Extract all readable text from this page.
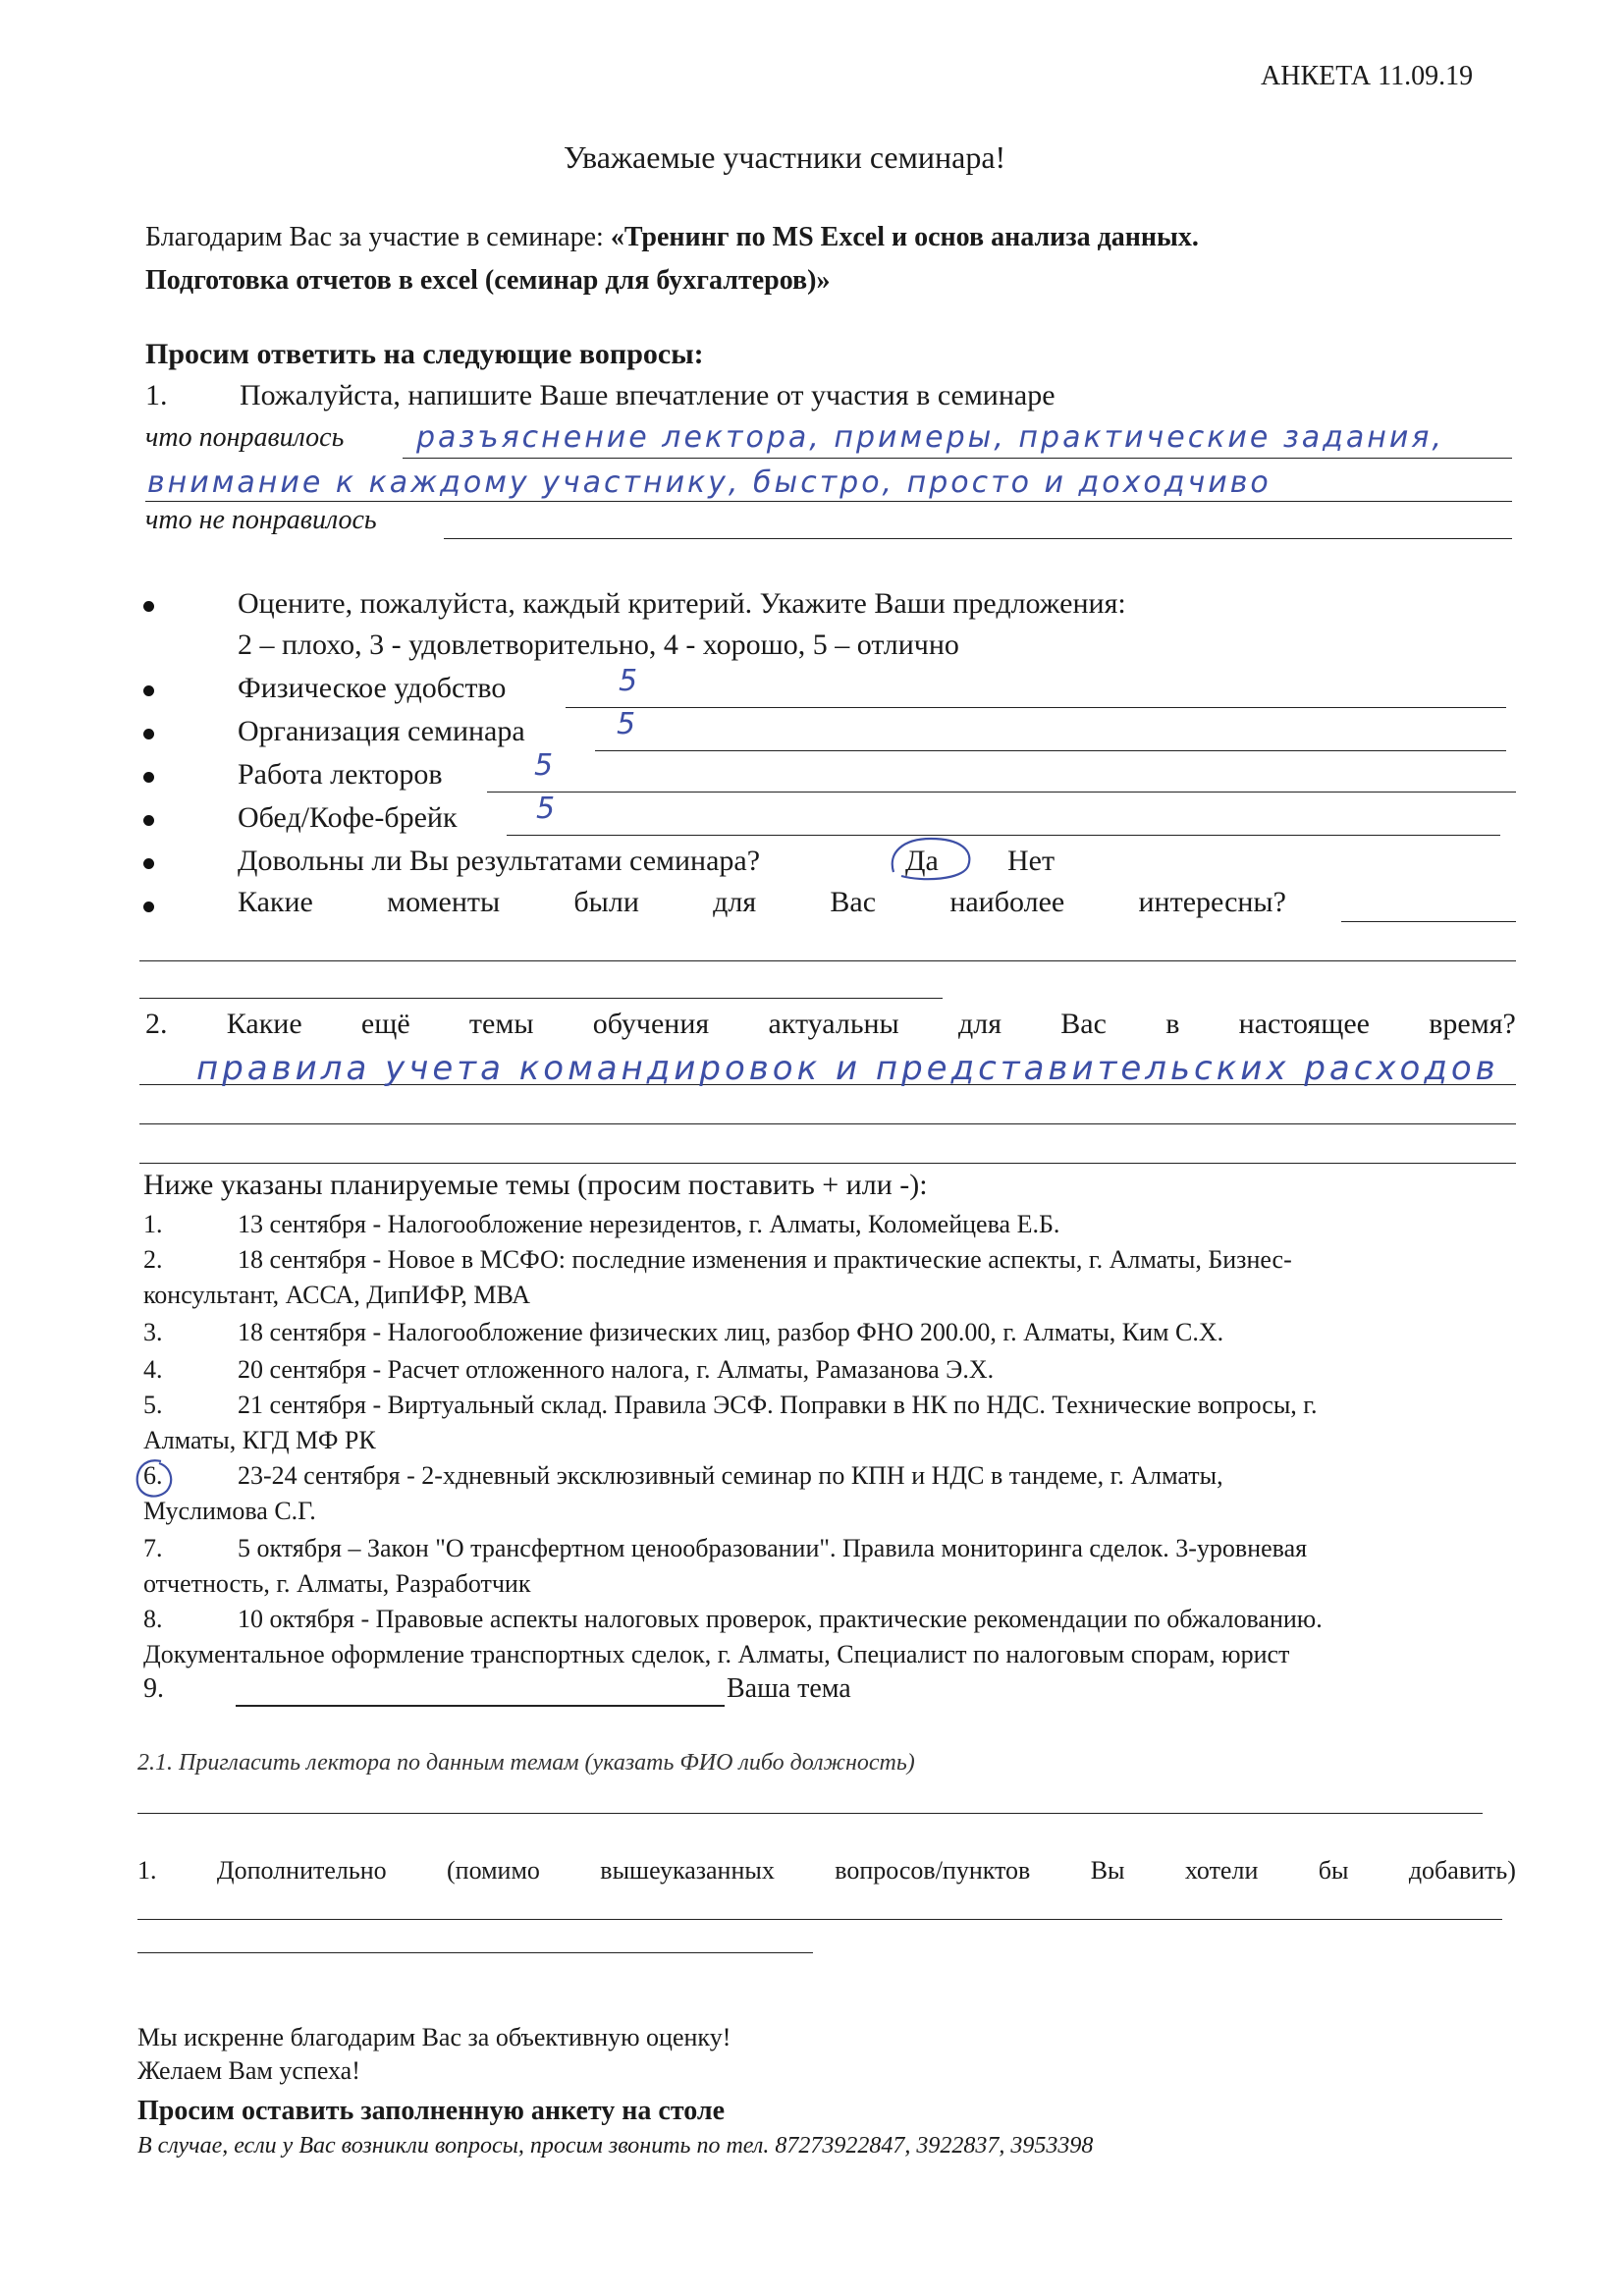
АНКЕТА 11.09.19
Уважаемые участники семинара!
Благодарим Вас за участие в семинаре: «Тренинг по MS Excel и основ анализа данных.
Подготовка отчетов в excel (семинар для бухгалтеров)»
Просим ответить на следующие вопросы:
1. Пожалуйста, напишите Ваше впечатление от участия в семинаре
что понравилось разъяснение лектора, примеры, практические задания,
внимание к каждому участнику, быстро, просто и доходчиво
что не понравилось
Оцените, пожалуйста, каждый критерий. Укажите Ваши предложения:
2 – плохо, 3 - удовлетворительно, 4 - хорошо, 5 – отлично
Физическое удобство	5
Организация семинара	5
Работа лекторов	5
Обед/Кофе-брейк	5
Довольны ли Вы результатами семинара?	Да Нет
Какие	моменты	были	для	Вас	наиболее	интересны?
2. Какие ещё темы обучения актуальны для Вас в настоящее время?
правила учета командировок и представительских расходов
Ниже указаны планируемые темы (просим поставить + или -):
1.	13 сентября - Налогообложение нерезидентов, г. Алматы, Коломейцева Е.Б.
2.	18 сентября - Новое в МСФО: последние изменения и практические аспекты, г. Алматы, Бизнес-
консультант, АССА, ДипИФР, МВА
3.	18 сентября - Налогообложение физических лиц, разбор ФНО 200.00, г. Алматы, Ким С.Х.
4.	20 сентября - Расчет отложенного налога, г. Алматы, Рамазанова Э.Х.
5.	21 сентября - Виртуальный склад. Правила ЭСФ. Поправки в НК по НДС. Технические вопросы, г.
Алматы, КГД МФ РК
6.	23-24 сентября - 2-хдневный эксклюзивный семинар по КПН и НДС в тандеме, г. Алматы,
Муслимова С.Г.
7.	5 октября – Закон "О трансфертном ценообразовании". Правила мониторинга сделок. 3-уровневая
отчетность, г. Алматы, Разработчик
8.	10 октября - Правовые аспекты налоговых проверок, практические рекомендации по обжалованию.
Документальное оформление транспортных сделок, г. Алматы, Специалист по налоговым спорам, юрист
9.	Ваша тема
2.1. Пригласить лектора по данным темам (указать ФИО либо должность)
1. Дополнительно (помимо вышеуказанных вопросов/пунктов Вы хотели бы добавить)
Мы искренне благодарим Вас за объективную оценку!
Желаем Вам успеха!
Просим оставить заполненную анкету на столе
В случае, если у Вас возникли вопросы, просим звонить по тел. 87273922847, 3922837, 3953398
